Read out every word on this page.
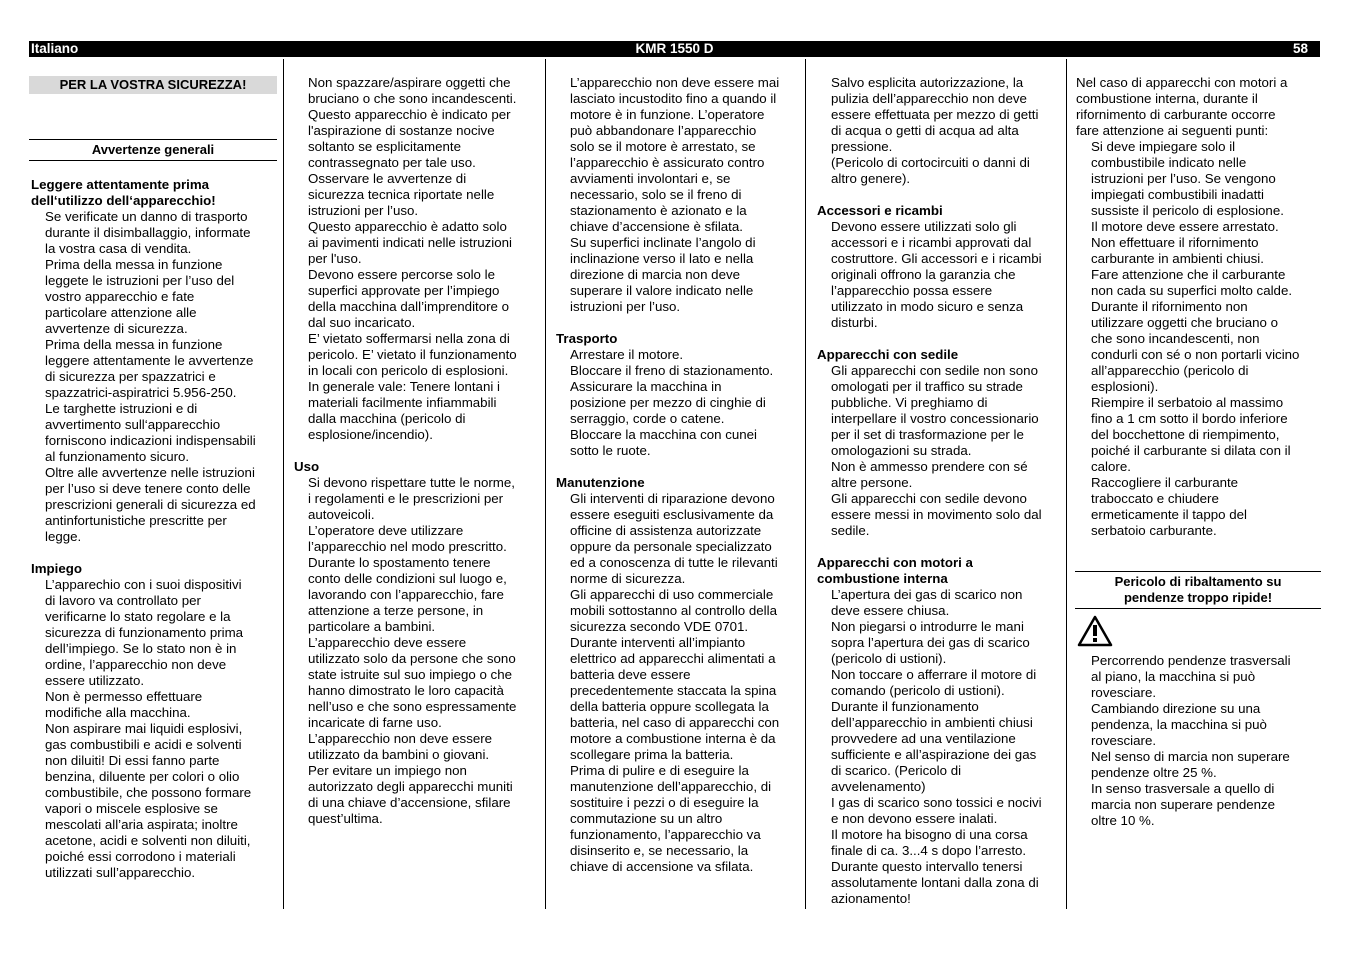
Italiano	KMR 1550 D	58
PER LA VOSTRA SICUREZZA!
Avvertenze generali
Leggere attentamente prima
dell‘utilizzo dell‘apparecchio!
Se verificate un danno di trasporto
durante il disimballaggio, informate
la vostra casa di vendita.
Prima della messa in funzione
leggete le istruzioni per l’uso del
vostro apparecchio e fate
particolare attenzione alle
avvertenze di sicurezza.
Prima della messa in funzione
leggere attentamente le avvertenze
di sicurezza per spazzatrici e
spazzatrici-aspiratrici 5.956-250.
Le targhette istruzioni e di
avvertimento sull‘apparecchio
forniscono indicazioni indispensabili
al funzionamento sicuro.
Oltre alle avvertenze nelle istruzioni
per l’uso si deve tenere conto delle
prescrizioni generali di sicurezza ed
antinfortunistiche prescritte per
legge.
Impiego
L’apparechio con i suoi dispositivi
di lavoro va controllato per
verificarne lo stato regolare e la
sicurezza di funzionamento prima
dell’impiego. Se lo stato non è in
ordine, l’apparecchio non deve
essere utilizzato.
Non è permesso effettuare
modifiche alla macchina.
Non aspirare mai liquidi esplosivi,
gas combustibili e acidi e solventi
non diluiti! Di essi fanno parte
benzina, diluente per colori o olio
combustibile, che possono formare
vapori o miscele esplosive se
mescolati all’aria aspirata; inoltre
acetone, acidi e solventi non diluiti,
poiché essi corrodono i materiali
utilizzati sull’apparecchio.
Non spazzare/aspirare oggetti che
bruciano o che sono incandescenti.
Questo apparecchio è indicato per
l'aspirazione di sostanze nocive
soltanto se esplicitamente
contrassegnato per tale uso.
Osservare le avvertenze di
sicurezza tecnica riportate nelle
istruzioni per l’uso.
Questo apparecchio è adatto solo
ai pavimenti indicati nelle istruzioni
per l'uso.
Devono essere percorse solo le
superfici approvate per l’impiego
della macchina dall’imprenditore o
dal suo incaricato.
E’ vietato soffermarsi nella zona di
pericolo. E’ vietato il funzionamento
in locali con pericolo di esplosioni.
In generale vale: Tenere lontani i
materiali facilmente infiammabili
dalla macchina (pericolo di
esplosione/incendio).
Uso
Si devono rispettare tutte le norme,
i regolamenti e le prescrizioni per
autoveicoli.
L’operatore deve utilizzare
l’apparecchio nel modo prescritto.
Durante lo spostamento tenere
conto delle condizioni sul luogo e,
lavorando con l’apparecchio, fare
attenzione a terze persone, in
particolare a bambini.
L’apparecchio deve essere
utilizzato solo da persone che sono
state istruite sul suo impiego o che
hanno dimostrato le loro capacità
nell’uso e che sono espressamente
incaricate di farne uso.
L’apparecchio non deve essere
utilizzato da bambini o giovani.
Per evitare un impiego non
autorizzato degli apparecchi muniti
di una chiave d’accensione, sfilare
quest’ultima.
L’apparecchio non deve essere mai
lasciato incustodito fino a quando il
motore è in funzione. L’operatore
può abbandonare l’apparecchio
solo se il motore è arrestato, se
l’apparecchio è assicurato contro
avviamenti involontari e, se
necessario, solo se il freno di
stazionamento è azionato e la
chiave d’accensione è sfilata.
Su superfici inclinate l’angolo di
inclinazione verso il lato e nella
direzione di marcia non deve
superare il valore indicato nelle
istruzioni per l’uso.
Trasporto
Arrestare il motore.
Bloccare il freno di stazionamento.
Assicurare la macchina in
posizione per mezzo di cinghie di
serraggio, corde o catene.
Bloccare la macchina con cunei
sotto le ruote.
Manutenzione
Gli interventi di riparazione devono
essere eseguiti esclusivamente da
officine di assistenza autorizzate
oppure da personale specializzato
ed a conoscenza di tutte le rilevanti
norme di sicurezza.
Gli apparecchi di uso commerciale
mobili sottostanno al controllo della
sicurezza secondo VDE 0701.
Durante interventi all’impianto
elettrico ad apparecchi alimentati a
batteria deve essere
precedentemente staccata la spina
della batteria oppure scollegata la
batteria, nel caso di apparecchi con
motore a combustione interna è da
scollegare prima la batteria.
Prima di pulire e di eseguire la
manutenzione dell’apparecchio, di
sostituire i pezzi o di eseguire la
commutazione su un altro
funzionamento, l’apparecchio va
disinserito e, se necessario, la
chiave di accensione va sfilata.
Salvo esplicita autorizzazione, la
pulizia dell’apparecchio non deve
essere effettuata per mezzo di getti
di acqua o getti di acqua ad alta
pressione.
(Pericolo di cortocircuiti o danni di
altro genere).
Accessori e ricambi
Devono essere utilizzati solo gli
accessori e i ricambi approvati dal
costruttore. Gli accessori e i ricambi
originali offrono la garanzia che
l’apparecchio possa essere
utilizzato in modo sicuro e senza
disturbi.
Apparecchi con sedile
Gli apparecchi con sedile non sono
omologati per il traffico su strade
pubbliche. Vi preghiamo di
interpellare il vostro concessionario
per il set di trasformazione per le
omologazioni su strada.
Non è ammesso prendere con sé
altre persone.
Gli apparecchi con sedile devono
essere messi in movimento solo dal
sedile.
Apparecchi con motori a
combustione interna
L’apertura dei gas di scarico non
deve essere chiusa.
Non piegarsi o introdurre le mani
sopra l’apertura dei gas di scarico
(pericolo di ustioni).
Non toccare o afferrare il motore di
comando (pericolo di ustioni).
Durante il funzionamento
dell’apparecchio in ambienti chiusi
provvedere ad una ventilazione
sufficiente e all’aspirazione dei gas
di scarico. (Pericolo di
avvelenamento)
I gas di scarico sono tossici e nocivi
e non devono essere inalati.
Il motore ha bisogno di una corsa
finale di ca. 3...4 s dopo l’arresto.
Durante questo intervallo tenersi
assolutamente lontani dalla zona di
azionamento!
Nel caso di apparecchi con motori a
combustione interna, durante il
rifornimento di carburante occorre
fare attenzione ai seguenti punti:
Si deve impiegare solo il
combustibile indicato nelle
istruzioni per l’uso. Se vengono
impiegati combustibili inadatti
sussiste il pericolo di esplosione.
Il motore deve essere arrestato.
Non effettuare il rifornimento
carburante in ambienti chiusi.
Fare attenzione che il carburante
non cada su superfici molto calde.
Durante il rifornimento non
utilizzare oggetti che bruciano o
che sono incandescenti, non
condurli con sé o non portarli vicino
all’apparecchio (pericolo di
esplosioni).
Riempire il serbatoio al massimo
fino a 1 cm sotto il bordo inferiore
del bocchettone di riempimento,
poiché il carburante si dilata con il
calore.
Raccogliere il carburante
traboccato e chiudere
ermeticamente il tappo del
serbatoio carburante.
Pericolo di ribaltamento su
pendenze troppo ripide!
Percorrendo pendenze trasversali
al piano, la macchina si può
rovesciare.
Cambiando direzione su una
pendenza, la macchina si può
rovesciare.
Nel senso di marcia non superare
pendenze oltre 25 %.
In senso trasversale a quello di
marcia non superare pendenze
oltre 10 %.
